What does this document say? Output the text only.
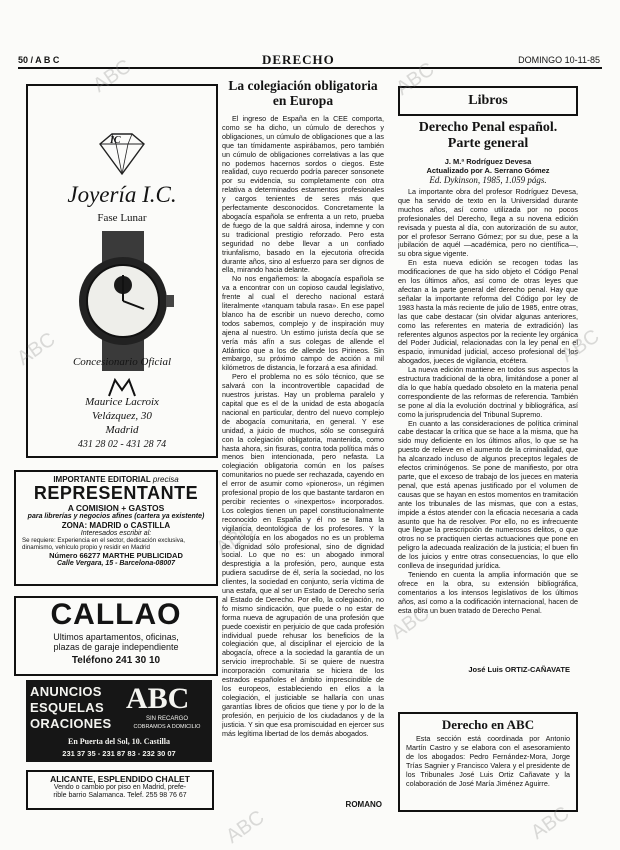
50 / A B C	DERECHO	DOMINGO 10-11-85
IC
Joyería I.C.
Fase Lunar
Concesionario Oficial
Maurice Lacroix
Velázquez, 30
Madrid
431 28 02 - 431 28 74
IMPORTANTE EDITORIAL precisa
REPRESENTANTE
A COMISION + GASTOS
para librerías y negocios afines (cartera ya existente)
ZONA: MADRID o CASTILLA
Interesados escribir al:
Se requiere: Experiencia en el sector, dedicación exclusiva, dinamismo, vehículo propio y residir en Madrid
Número 66277 MARTHE PUBLICIDAD
Calle Vergara, 15 - Barcelona-08007
CALLAO
Ultimos apartamentos, oficinas,
plazas de garaje independiente
Teléfono 241 30 10
ANUNCIOS
ESQUELAS
ORACIONES
ABC
SIN RECARGO
COBRAMOS A DOMICILIO
En Puerta del Sol, 10. Castilla
231 37 35 - 231 87 83 - 232 30 07
ALICANTE, ESPLENDIDO CHALET
Vendo o cambio por piso en Madrid, prefe-
rible barrio Salamanca. Telef. 255 98 76 67
La colegiación obligatoria
en Europa

El ingreso de España en la CEE comporta, como se ha dicho, un cúmulo de derechos y obligaciones, un cúmulo de obligaciones que a las que tan tímidamente aspirábamos, pero también un cúmulo de obligaciones correlativas a las que no podemos hacernos sordos o ciegos. Este realidad, cuyo recuerdo podría parecer sonsonete por su evidencia, su completamente con otra relativa a determinados estamentos profesionales y cargos tenientes de seres más que perfectamente desconocidos. Concretamente la abogacía española se enfrenta a un reto, prueba de fuego de la que saldrá airosa, indemne y con su tradicional prestigio reforzado. Pero esta seguridad no debe llevar a un confiado triunfalismo, basado en la ejecutoria ofrecida durante años, sino al esfuerzo para ser dignos de ella, mirando hacia delante.

No nos engañemos: la abogacía española se va a encontrar con un copioso caudal legislativo, frente al cual el derecho nacional estará literalmente «tanquam tabula rasa». En ese papel blanco ha de escribir un nuevo derecho, como todos sabemos, complejo y de inspiración muy ajena al nuestro. Un estimo jurista decía que se vería más afín a sus colegas de allende el Atlántico que a los de allende los Pirineos. Sin embargo, su próximo campo de acción a mil kilómetros de distancia, le forzará a esa afinidad.

Pero el problema no es sólo técnico, que se salvará con la incontrovertible capacidad de nuestros juristas. Hay un problema paralelo y capital que es el de la unidad de esta abogacía nacional en particular, dentro del nuevo complejo de abogacía comunitaria, en general. Y ese unidad, a juicio de muchos, sólo se conseguirá con la colegiación obligatoria, mantenida, como hasta ahora, sin fisuras, contra toda política más o menos bien intencionada, pero nefasta. La colegiación obligatoria común en los países comunitarios no puede ser rechazada, cayendo en el error de asumir como «pioneros», un régimen profesional propio de los que bastante tardaron en percibir recientes o «inexpertos» incorporados. Los colegios tienen un papel constitucionalmente reconocido en España y él no se llama la vigilancia deontológica de los profesores. Y la deontología en los abogados no es un problema de dignidad sólo profesional, sino de dignidad social. Lo que no es: un abogado inmoral desprestigia a la profesión, pero, aunque esta pudiera sacudirse de él, sería la sociedad, no los clientes, la sociedad en conjunto, sería víctima de una estafa, que al ser un Estado de Derecho sería al Estado de Derecho. Por ello, la colegiación, no fo mismo sindicación, que puede o no estar de forma nueva de agrupación de una profesión que puede coexistir en perjuicio de que cada profesión individual puede rehusar los beneficios de la colegiación que, al disciplinar el ejercicio de la abogacía, ofrece a la sociedad la garantía de un servicio irreprochable. Si se quiere de nuestra incorporación comunitaria se hiciera de los estrados españoles el ámbito imprescindible de los europeos, estableciendo en ellos a la colegiación, el justiciable se hallaría con unas garantías libres de oficios que tiene y por lo de la profesión, en perjuicio de los ciudadanos y de la justicia. Y sin que esa promiscuidad en ejercer sus más legítima libertad de los demás abogados.

ROMANO
Libros
Derecho Penal español.
Parte general
J. M.ª Rodríguez Devesa
Actualizado por A. Serrano Gómez
Ed. Dykinson, 1985, 1.059 págs.

La importante obra del profesor Rodríguez Devesa, que ha servido de texto en la Universidad durante muchos años, así como utilizada por no pocos profesionales del Derecho, llega a su novena edición revisada y puesta al día, con autorización de su autor, por el profesor Serrano Gómez; por su due, pese a la jubilación de aquél —académica, pero no científica—, su obra sigue vigente.

En esta nueva edición se recogen todas las modificaciones de que ha sido objeto el Código Penal en los últimos años, así como de otras leyes que afectan a la parte general del derecho penal. Hay que señalar la importante reforma del Código por ley de 1983 hasta la más reciente de julio de 1985, entre otras, las que cabe destacar (sin olvidar algunas anteriores, como las referentes en materia de extradición) las referentes algunos aspectos por la reciente ley orgánica del Poder Judicial, relacionadas con la ley penal en el espacio, inmunidad judicial, acceso profesional de los abogados, jueces de vigilancia, etcétera.

La nueva edición mantiene en todos sus aspectos la estructura tradicional de la obra, limitándose a poner al día lo que había quedado obsoleto en la materia penal correspondiente de las reformas de referencia. También se pone al día la evolución doctrinal y bibliográfica, así como la jurisprudencia del Tribunal Supremo.

En cuanto a las consideraciones de política criminal cabe destacar la crítica que se hace a la misma, que ha sido muy deficiente en los últimos años, lo que se ha puesto de relieve en el aumento de la criminalidad, que ha alcanzado incluso de algunos preceptos legales de efectos criminógenos. Se pone de manifiesto, por otra parte, que el exceso de trabajo de los jueces en materia penal, que está apenas justificado por el volumen de causas que se hayan en estos momentos en tramitación ante los tribunales de las mismas, que con a estas, impide a éstos atender con la eficacia necesaria a cada asunto que ha de resolver. Por ello, no es infrecuente que llegue la prescripción de numerosos delitos, o que otros no se practiquen ciertas actuaciones que pone en peligro la adecuada realización de la justicia; el buen fin de los juicios y entre otras consecuencias, lo que ello conlleva de inseguridad jurídica.

Teniendo en cuenta la amplia información que se ofrece en la obra, su extensión bibliográfica, comentarios a los intensos legislativos de los últimos años, así como a la codificación internacional, hacen de esta obra un buen tratado de Derecho Penal.

José Luis ORTIZ-CAÑAVATE
Derecho en ABC
Esta sección está coordinada por Antonio Martín Castro y se elabora con el asesoramiento de los abogados: Pedro Fernández-Mora, Jorge Trías Sagnier y Francisco Valera y el presidente de los Tribunales José Luis Ortiz Cañavate y la colaboración de José María Jiménez Aguirre.
ABC	ABC
ABC	ABC
ABC
ABC
ABC	ABC
